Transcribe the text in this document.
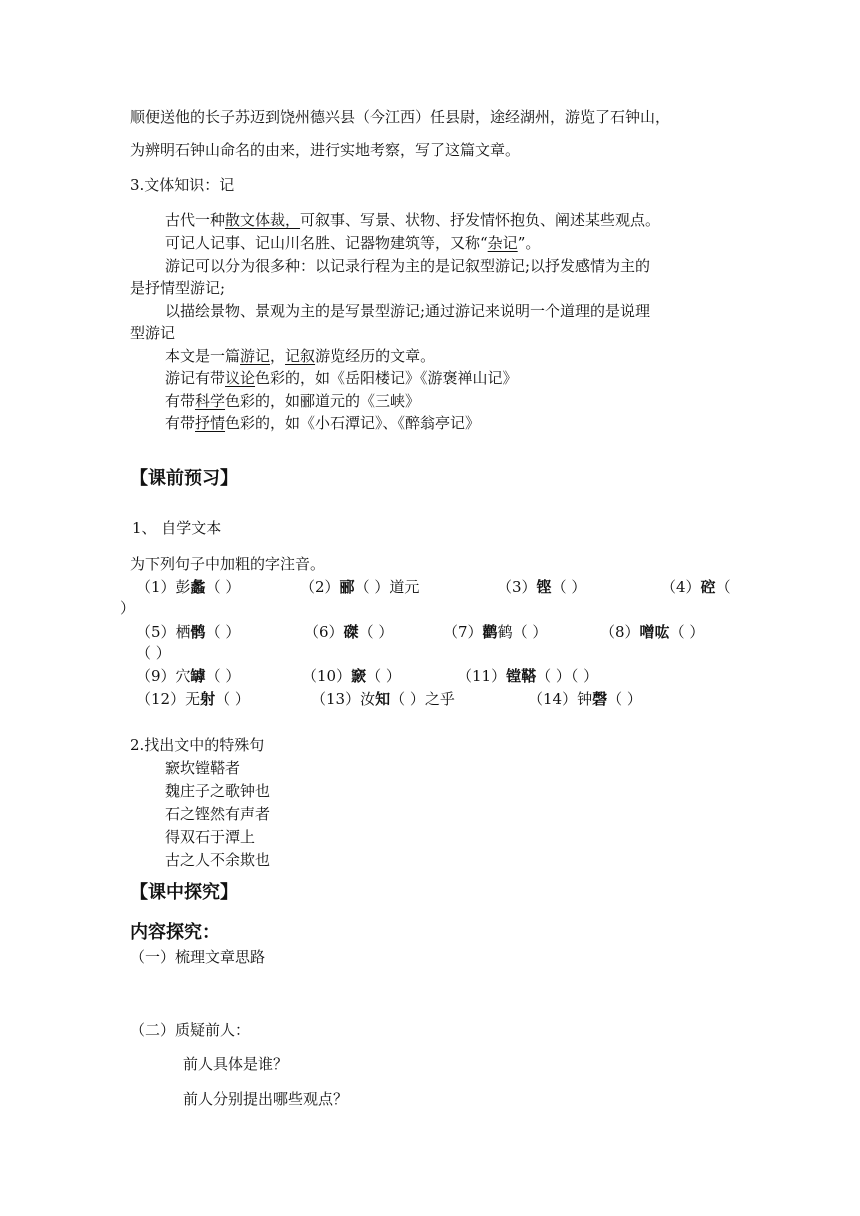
顺便送他的长子苏迈到饶州德兴县（今江西）任县尉，途经湖州，游览了石钟山，
为辨明石钟山命名的由来，进行实地考察，写了这篇文章。
3.文体知识：记
古代一种散文体裁，可叙事、写景、状物、抒发情怀抱负、阐述某些观点。
可记人记事、记山川名胜、记器物建筑等，又称“杂记”。
游记可以分为很多种：以记录行程为主的是记叙型游记;以抒发感情为主的
是抒情型游记;
以描绘景物、景观为主的是写景型游记;通过游记来说明一个道理的是说理
型游记
本文是一篇游记，记叙游览经历的文章。
游记有带议论色彩的，如《岳阳楼记》《游褒禅山记》
有带科学色彩的，如郦道元的《三峡》
有带抒情色彩的，如《小石潭记》、《醉翁亭记》
【课前预习】
1、 自学文本
为下列句子中加粗的字注音。
（1）彭蠡（ ）	（2）郦（ ）道元	（3）铿（ ）	（4）硿（
）
（5）栖鹘（ ）	（6）磔（ ）	（7）鹳鹤（ ）	（8）噌吰（ ）
（ ）
（9）穴罅（ ）	（10）窾（ ）	（11）镗鞳（ ）（ ）
（12）无射（ ）	（13）汝知（ ）之乎	（14）钟磬（ ）
2.找出文中的特殊句
窾坎镗鞳者
魏庄子之歌钟也
石之铿然有声者
得双石于潭上
古之人不余欺也
【课中探究】
内容探究：
（一）梳理文章思路
（二）质疑前人：
前人具体是谁？
前人分别提出哪些观点？
